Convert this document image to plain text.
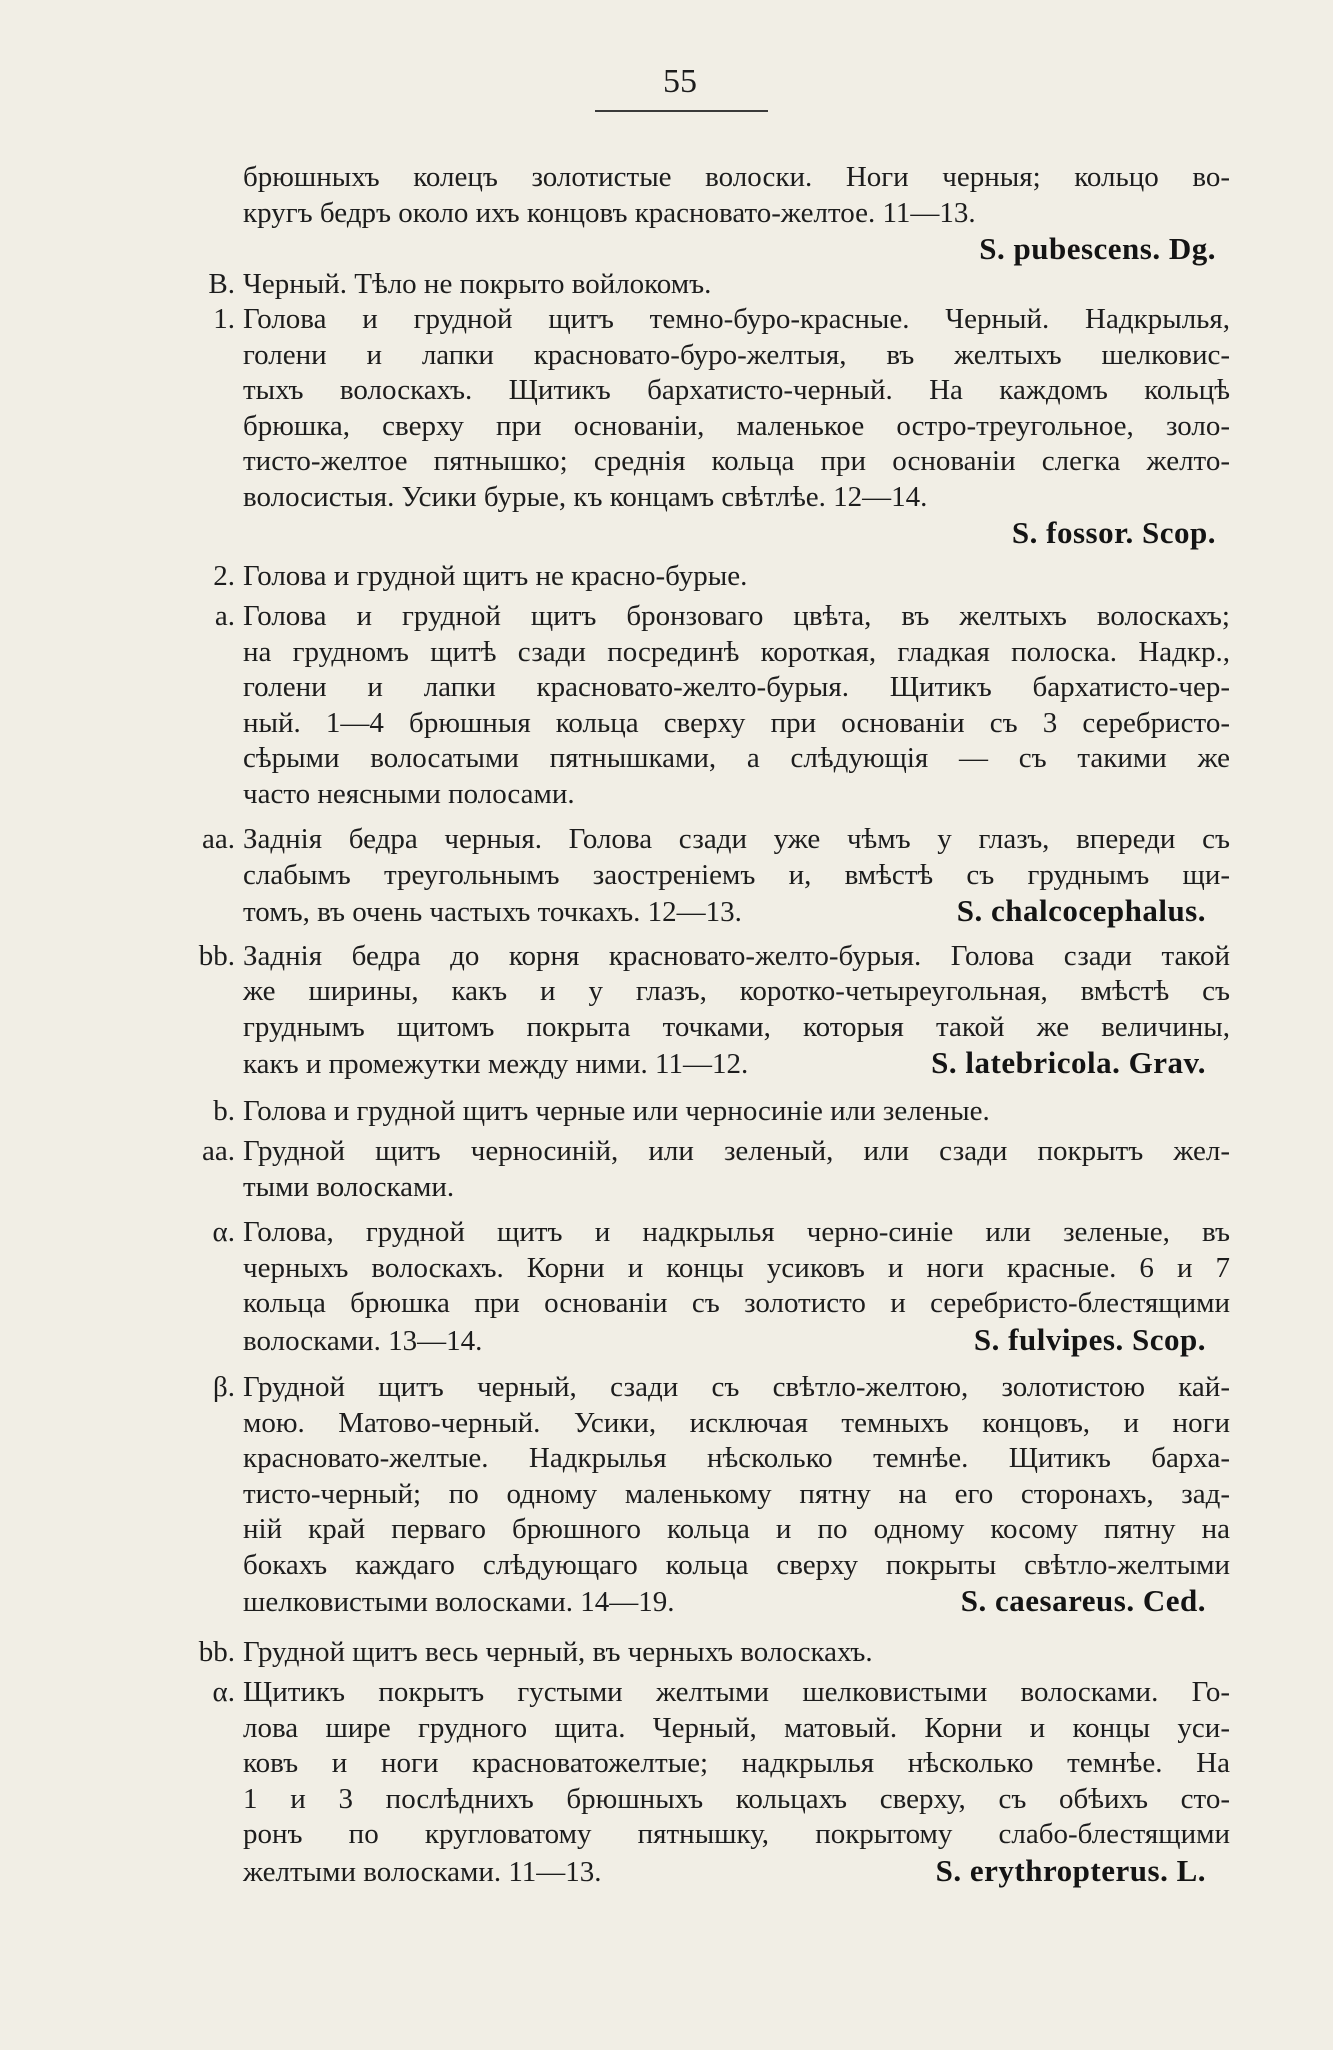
55
брюшныхъ колецъ золотистые волоски. Ноги черныя; кольцо во-
кругъ бедръ около ихъ концовъ красновато-желтое. 11—13.
S. pubescens. Dg.
B. Черный. Тѣло не покрыто войлокомъ.
1. Голова и грудной щитъ темно-буро-красные. Черный. Надкрылья,
голени и лапки красновато-буро-желтыя, въ желтыхъ шелковис-
тыхъ волоскахъ. Щитикъ бархатисто-черный. На каждомъ кольцѣ
брюшка, сверху при основаніи, маленькое остро-треугольное, золо-
тисто-желтое пятнышко; среднія кольца при основаніи слегка желто-
волосистыя. Усики бурые, къ концамъ свѣтлѣе. 12—14.
S. fossor. Scop.
2. Голова и грудной щитъ не красно-бурые.
a. Голова и грудной щитъ бронзоваго цвѣта, въ желтыхъ волоскахъ;
на грудномъ щитѣ сзади посрединѣ короткая, гладкая полоска. Надкр.,
голени и лапки красновато-желто-бурыя. Щитикъ бархатисто-чер-
ный. 1—4 брюшныя кольца сверху при основаніи съ 3 серебристо-
сѣрыми волосатыми пятнышками, а слѣдующія — съ такими же
часто неясными полосами.
aa. Заднія бедра черныя. Голова сзади уже чѣмъ у глазъ, впереди съ
слабымъ треугольнымъ заостреніемъ и, вмѣстѣ съ груднымъ щи-
томъ, въ очень частыхъ точкахъ. 12—13.	S. chalcocephalus.
bb. Заднія бедра до корня красновато-желто-бурыя. Голова сзади такой
же ширины, какъ и у глазъ, коротко-четыреугольная, вмѣстѣ съ
груднымъ щитомъ покрыта точками, которыя такой же величины,
какъ и промежутки между ними. 11—12.	S. latebricola. Grav.
b. Голова и грудной щитъ черные или черносиніе или зеленые.
aa. Грудной щитъ черносиній, или зеленый, или сзади покрытъ жел-
тыми волосками.
α. Голова, грудной щитъ и надкрылья черно-синіе или зеленые, въ
черныхъ волоскахъ. Корни и концы усиковъ и ноги красные. 6 и 7
кольца брюшка при основаніи съ золотисто и серебристо-блестящими
волосками. 13—14.	S. fulvipes. Scop.
β. Грудной щитъ черный, сзади съ свѣтло-желтою, золотистою кай-
мою. Матово-черный. Усики, исключая темныхъ концовъ, и ноги
красновато-желтые. Надкрылья нѣсколько темнѣе. Щитикъ барха-
тисто-черный; по одному маленькому пятну на его сторонахъ, зад-
ній край перваго брюшного кольца и по одному косому пятну на
бокахъ каждаго слѣдующаго кольца сверху покрыты свѣтло-желтыми
шелковистыми волосками. 14—19.	S. caesareus. Ced.
bb. Грудной щитъ весь черный, въ черныхъ волоскахъ.
α. Щитикъ покрытъ густыми желтыми шелковистыми волосками. Го-
лова шире грудного щита. Черный, матовый. Корни и концы уси-
ковъ и ноги красноватожелтые; надкрылья нѣсколько темнѣе. На
1 и 3 послѣднихъ брюшныхъ кольцахъ сверху, съ обѣихъ сто-
ронъ по кругловатому пятнышку, покрытому слабо-блестящими
желтыми волосками. 11—13.	S. erythropterus. L.
